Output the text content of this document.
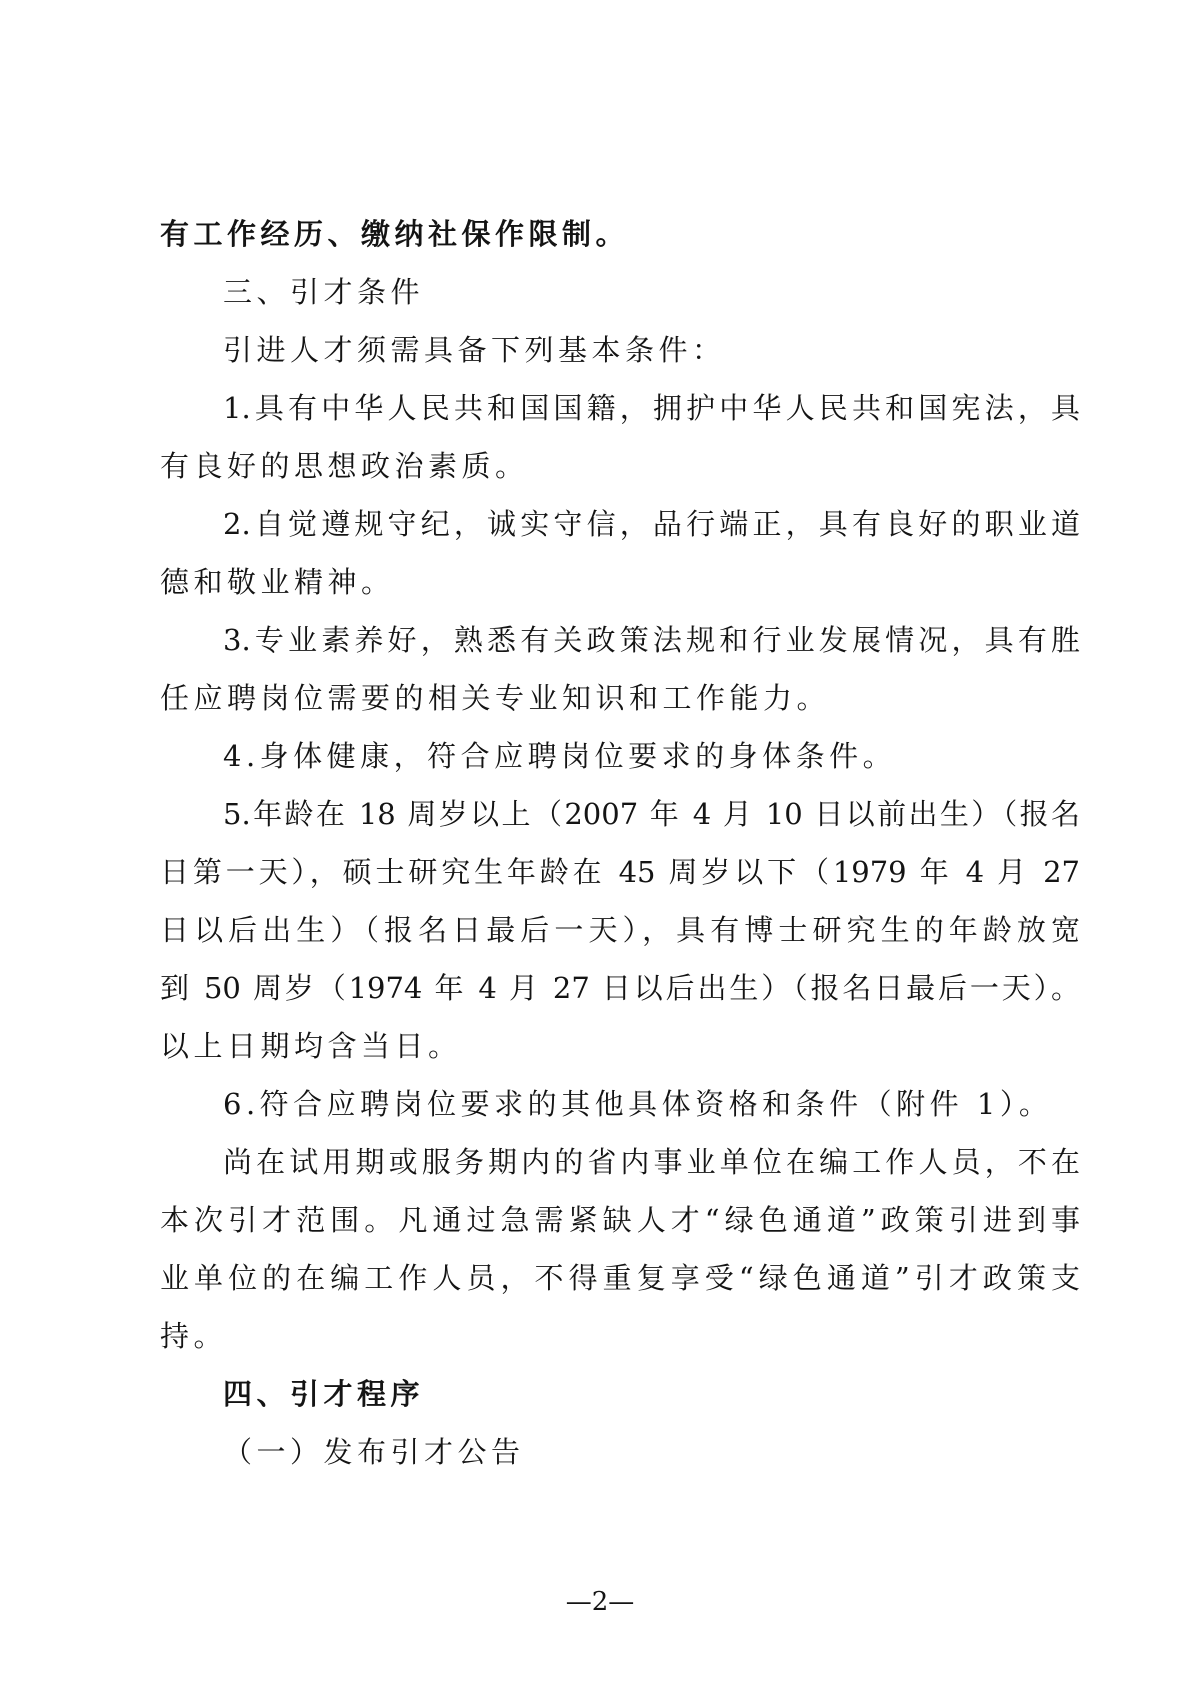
有工作经历、缴纳社保作限制。
三、引才条件
引进人才须需具备下列基本条件：
1.具有中华人民共和国国籍，拥护中华人民共和国宪法，具
有良好的思想政治素质。
2.自觉遵规守纪，诚实守信，品行端正，具有良好的职业道
德和敬业精神。
3.专业素养好，熟悉有关政策法规和行业发展情况，具有胜
任应聘岗位需要的相关专业知识和工作能力。
4.身体健康，符合应聘岗位要求的身体条件。
5.年龄在 18 周岁以上（2007 年 4 月 10 日以前出生）（报名
日第一天），硕士研究生年龄在 45 周岁以下（1979 年 4 月 27
日以后出生）（报名日最后一天），具有博士研究生的年龄放宽
到 50 周岁（1974 年 4 月 27 日以后出生）（报名日最后一天）。
以上日期均含当日。
6.符合应聘岗位要求的其他具体资格和条件（附件 1）。
尚在试用期或服务期内的省内事业单位在编工作人员，不在
本次引才范围。凡通过急需紧缺人才“绿色通道”政策引进到事
业单位的在编工作人员，不得重复享受“绿色通道”引才政策支
持。
四、引才程序
（一）发布引才公告
—2—
